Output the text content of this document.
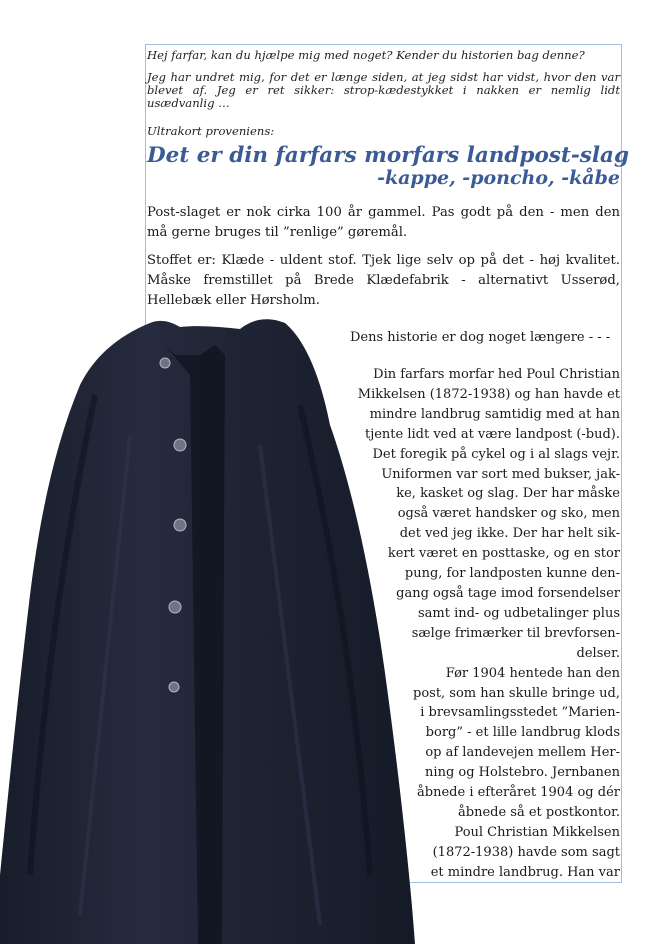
Hej farfar, kan du hjælpe mig med noget? Kender du historien bag denne?
Jeg har undret mig, for det er længe siden, at jeg sidst har vidst, hvor den var blevet af. Jeg er ret sikker: strop-kædestykket i nakken er nemlig lidt usædvanlig …
Ultrakort proveniens:
Det er din farfars morfars landpost-slag
-kappe, -poncho, -kåbe
Post-slaget er nok cirka 100 år gammel. Pas godt på den - men den må gerne bruges til ”renlige” gøremål.
Stoffet er: Klæde - uldent stof. Tjek lige selv op på det - høj kvalitet. Måske fremstillet på Brede Klædefabrik - alternativt Usserød, Hellebæk eller Hørsholm.
Dens historie er dog noget længere - - -
Din farfars morfar hed Poul Christian
Mikkelsen (1872-1938) og han havde et
mindre landbrug samtidig med at han
tjente lidt ved at være landpost (-bud).
Det foregik på cykel og i al slags vejr.
Uniformen var sort med bukser, jak-
ke, kasket og slag. Der har måske
også været handsker og sko, men
det ved jeg ikke. Der har helt sik-
kert været en posttaske, og en stor
pung, for landposten kunne den-
gang også tage imod forsendelser
samt ind- og udbetalinger plus
sælge frimærker til brevforsen-
delser.
Før 1904 hentede han den
post, som han skulle bringe ud,
i brevsamlingsstedet ”Marien-
borg” - et lille landbrug klods
op af landevejen mellem Her-
ning og Holstebro. Jernbanen
åbnede i efteråret 1904 og dér
åbnede så et postkontor.
Poul Christian Mikkelsen
(1872-1938) havde som sagt
et mindre landbrug. Han var
